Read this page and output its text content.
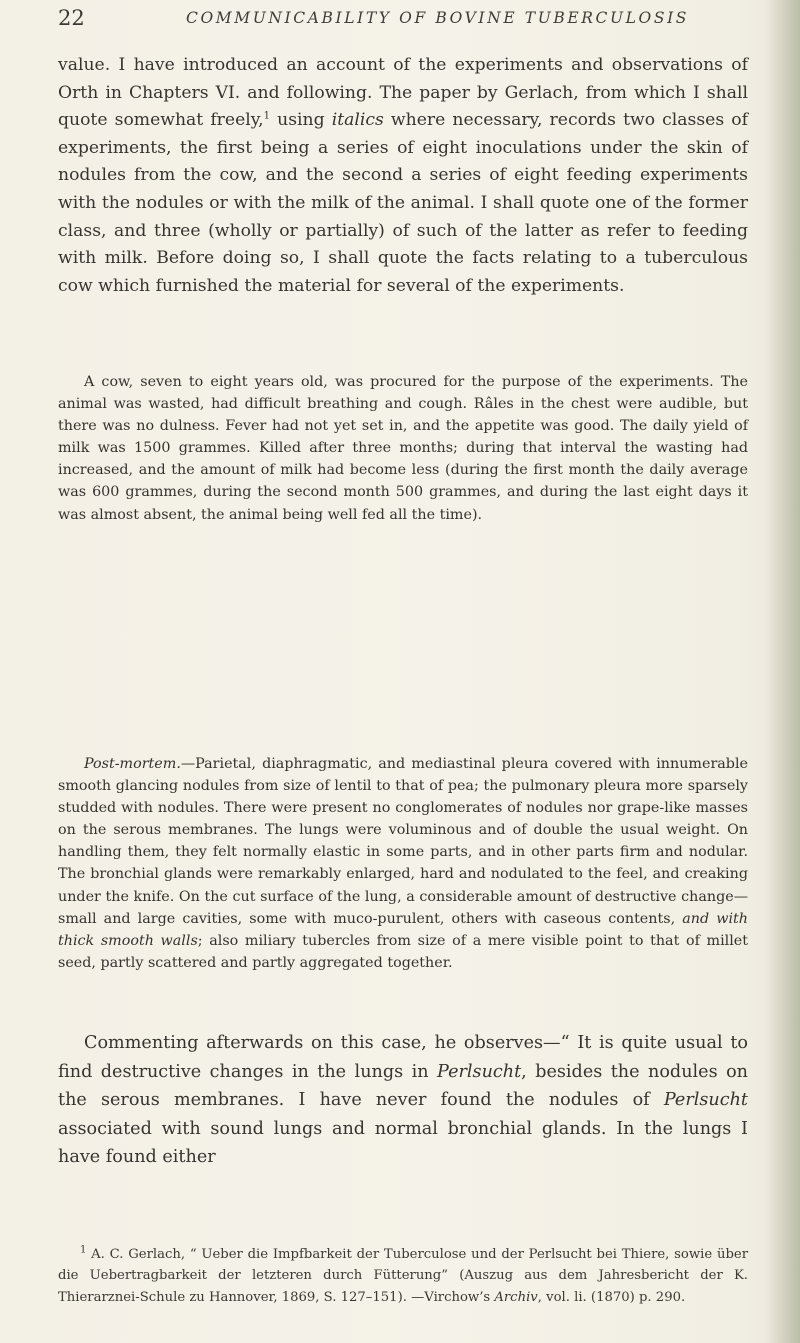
22	COMMUNICABILITY OF BOVINE TUBERCULOSIS
value. I have introduced an account of the experiments and observations of Orth in Chapters VI. and following. The paper by Gerlach, from which I shall quote somewhat freely,$^1$ using italics where necessary, records two classes of experiments, the first being a series of eight inoculations under the skin of nodules from the cow, and the second a series of eight feeding experiments with the nodules or with the milk of the animal. I shall quote one of the former class, and three (wholly or partially) of such of the latter as refer to feeding with milk. Before doing so, I shall quote the facts relating to a tuberculous cow which furnished the material for several of the experiments.
A cow, seven to eight years old, was procured for the purpose of the experiments. The animal was wasted, had difficult breathing and cough. Râles in the chest were audible, but there was no dulness. Fever had not yet set in, and the appetite was good. The daily yield of milk was 1500 grammes. Killed after three months; during that interval the wasting had increased, and the amount of milk had become less (during the first month the daily average was 600 grammes, during the second month 500 grammes, and during the last eight days it was almost absent, the animal being well fed all the time).
Post-mortem.—Parietal, diaphragmatic, and mediastinal pleura covered with innumerable smooth glancing nodules from size of lentil to that of pea; the pulmonary pleura more sparsely studded with nodules. There were present no conglomerates of nodules nor grape-like masses on the serous membranes. The lungs were voluminous and of double the usual weight. On handling them, they felt normally elastic in some parts, and in other parts firm and nodular. The bronchial glands were remarkably enlarged, hard and nodulated to the feel, and creaking under the knife. On the cut surface of the lung, a considerable amount of destructive change—small and large cavities, some with muco-purulent, others with caseous contents, and with thick smooth walls; also miliary tubercles from size of a mere visible point to that of millet seed, partly scattered and partly aggregated together.
Commenting afterwards on this case, he observes—“ It is quite usual to find destructive changes in the lungs in Perlsucht, besides the nodules on the serous membranes. I have never found the nodules of Perlsucht associated with sound lungs and normal bronchial glands. In the lungs I have found either
$^1$ A. C. Gerlach, “ Ueber die Impfbarkeit der Tuberculose und der Perlsucht bei Thiere, sowie über die Uebertragbarkeit der letzteren durch Fütterung” (Auszug aus dem Jahresbericht der K. Thierarznei-Schule zu Hannover, 1869, S. 127–151). —Virchow’s Archiv, vol. li. (1870) p. 290.
